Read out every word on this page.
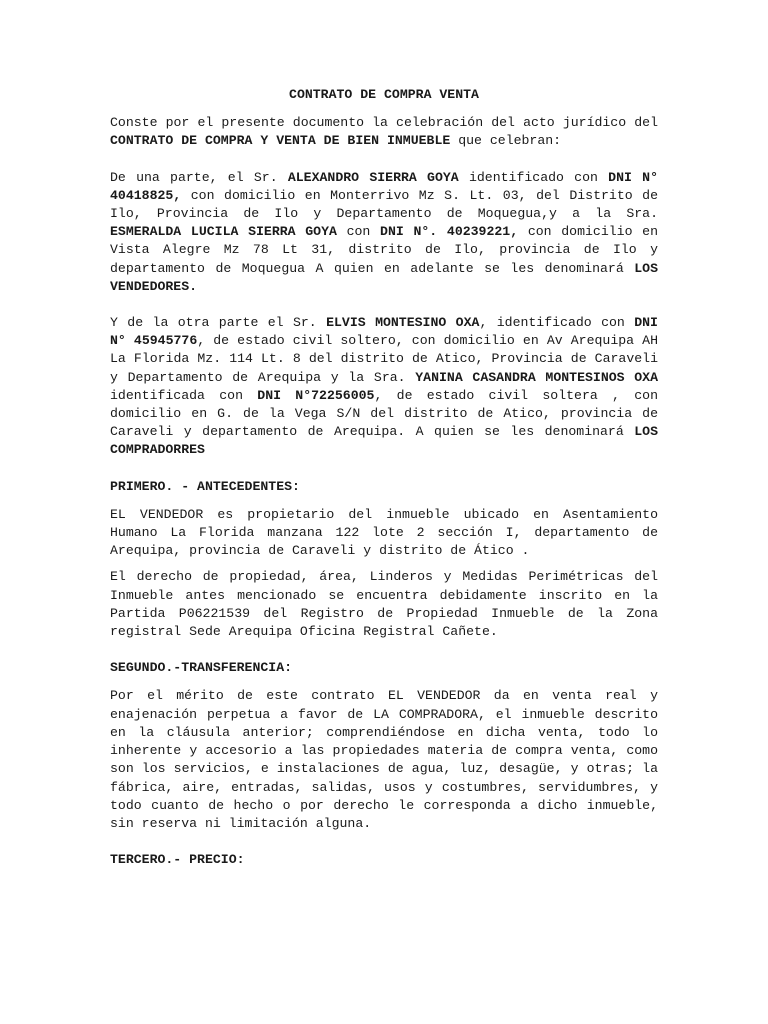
CONTRATO DE COMPRA VENTA

Conste por el presente documento la celebración del acto jurídico del CONTRATO DE COMPRA Y VENTA DE BIEN INMUEBLE que celebran:

De una parte, el Sr. ALEXANDRO SIERRA GOYA identificado con DNI N° 40418825, con domicilio en Monterrivo Mz S. Lt. 03, del Distrito de Ilo, Provincia de Ilo y Departamento de Moquegua,y a la Sra. ESMERALDA LUCILA SIERRA GOYA con DNI N°. 40239221, con domicilio en Vista Alegre Mz 78 Lt 31, distrito de Ilo, provincia de Ilo y departamento de Moquegua A quien en adelante se les denominará LOS VENDEDORES.

Y de la otra parte el Sr. ELVIS MONTESINO OXA, identificado con DNI N° 45945776, de estado civil soltero, con domicilio en Av Arequipa AH La Florida Mz. 114 Lt. 8 del distrito de Atico, Provincia de Caraveli y Departamento de Arequipa y la Sra. YANINA CASANDRA MONTESINOS OXA identificada con DNI N°72256005, de estado civil soltera , con domicilio en G. de la Vega S/N del distrito de Atico, provincia de Caraveli y departamento de Arequipa. A quien se les denominará LOS COMPRADORRES

PRIMERO. - ANTECEDENTES:

EL VENDEDOR es propietario del inmueble ubicado en Asentamiento Humano La Florida manzana 122 lote 2 sección I, departamento de Arequipa, provincia de Caraveli y distrito de Ático .

El derecho de propiedad, área, Linderos y Medidas Perimétricas del Inmueble antes mencionado se encuentra debidamente inscrito en la Partida P06221539 del Registro de Propiedad Inmueble de la Zona registral Sede Arequipa Oficina Registral Cañete.

SEGUNDO.-TRANSFERENCIA:

Por el mérito de este contrato EL VENDEDOR da en venta real y enajenación perpetua a favor de LA COMPRADORA, el inmueble descrito en la cláusula anterior; comprendiéndose en dicha venta, todo lo inherente y accesorio a las propiedades materia de compra venta, como son los servicios, e instalaciones de agua, luz, desagüe, y otras; la fábrica, aire, entradas, salidas, usos y costumbres, servidumbres, y todo cuanto de hecho o por derecho le corresponda a dicho inmueble, sin reserva ni limitación alguna.

TERCERO.- PRECIO:
